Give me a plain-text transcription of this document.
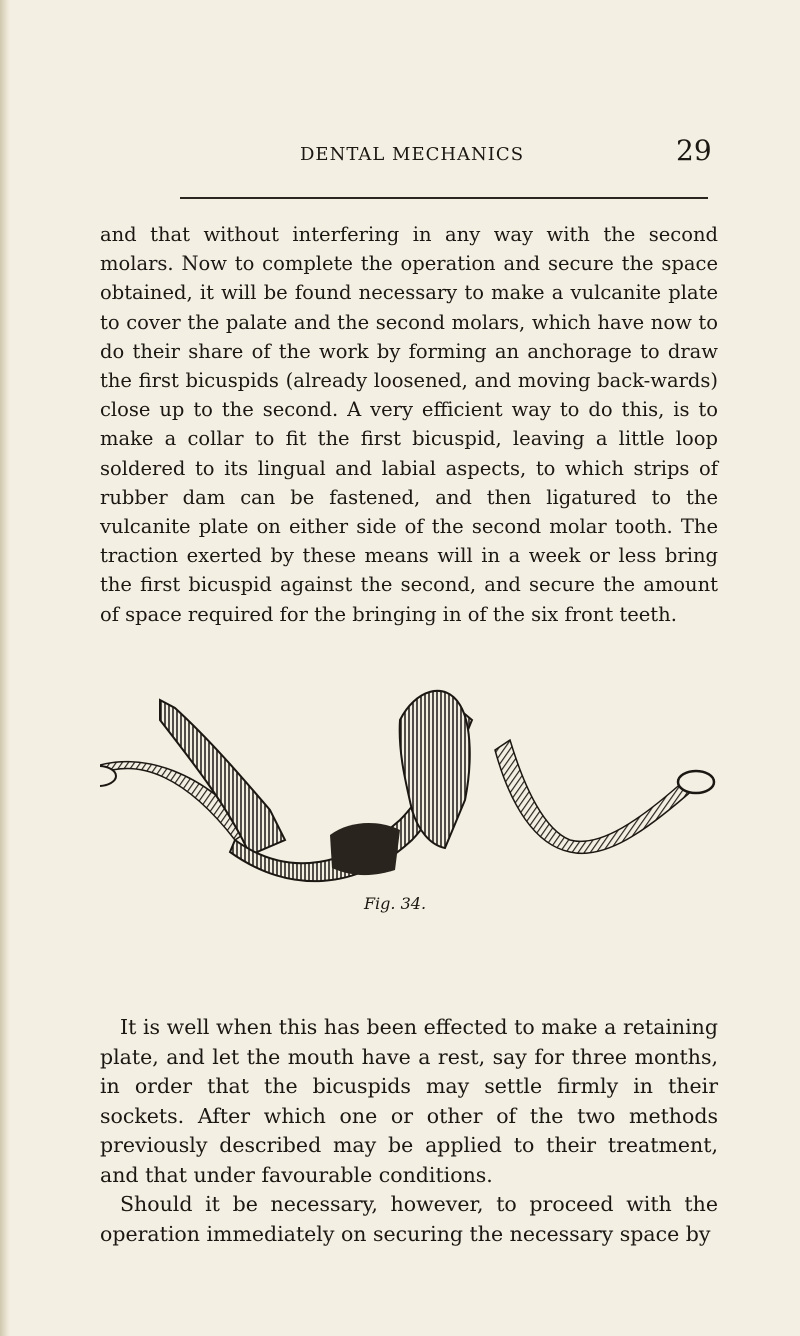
DENTAL MECHANICS	29

and that without interfering in any way with the second molars. Now to complete the operation and secure the space obtained, it will be found necessary to make a vulcanite plate to cover the palate and the second molars, which have now to do their share of the work by forming an anchorage to draw the first bicuspids (already loosened, and moving back-wards) close up to the second. A very efficient way to do this, is to make a collar to fit the first bicuspid, leaving a little loop soldered to its lingual and labial aspects, to which strips of rubber dam can be fastened, and then ligatured to the vulcanite plate on either side of the second molar tooth. The traction exerted by these means will in a week or less bring the first bicuspid against the second, and secure the amount of space required for the bringing in of the six front teeth.

Fig. 34.

It is well when this has been effected to make a retaining plate, and let the mouth have a rest, say for three months, in order that the bicuspids may settle firmly in their sockets. After which one or other of the two methods previously described may be applied to their treatment, and that under favourable conditions.

Should it be necessary, however, to proceed with the operation immediately on securing the necessary space by
